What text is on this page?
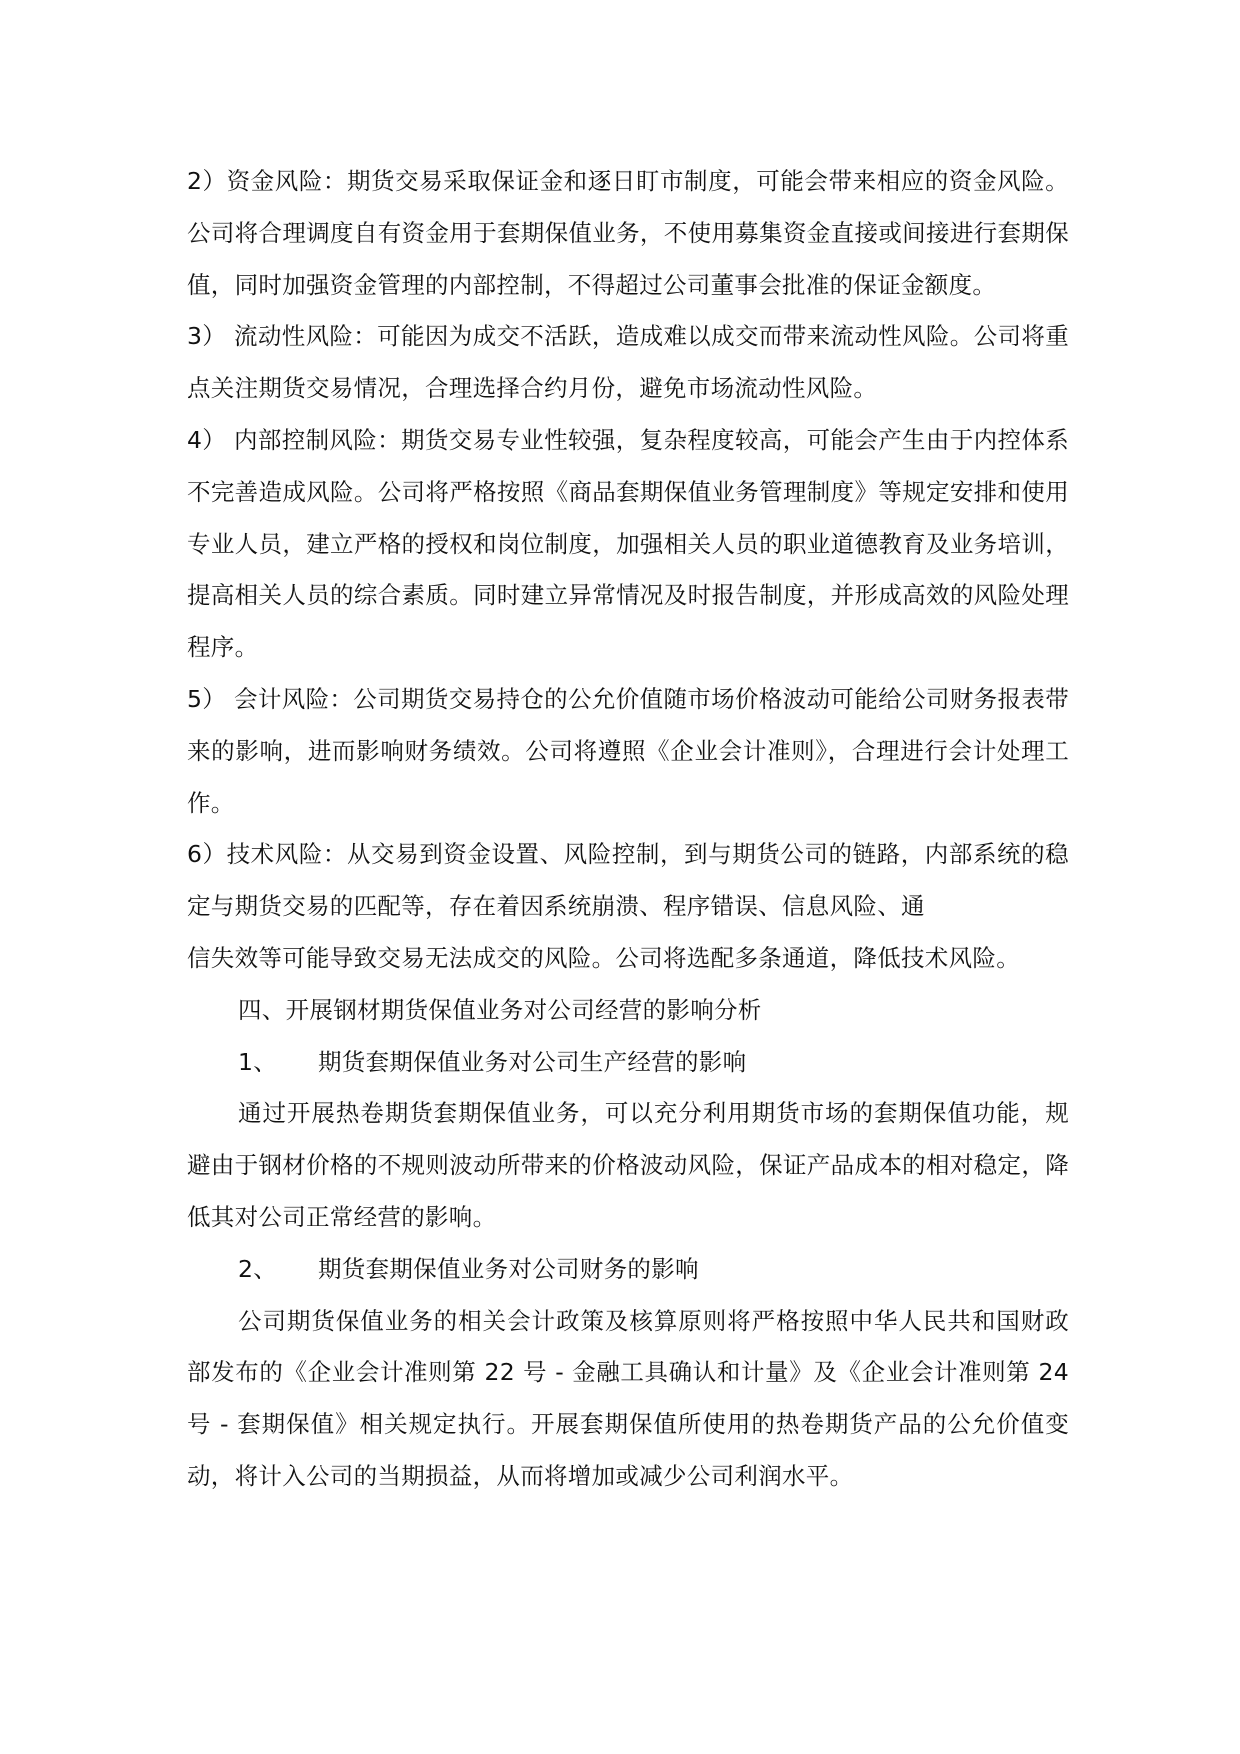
2）资金风险：期货交易采取保证金和逐日盯市制度，可能会带来相应的资金风险。公司将合理调度自有资金用于套期保值业务，不使用募集资金直接或间接进行套期保值，同时加强资金管理的内部控制，不得超过公司董事会批准的保证金额度。

3） 流动性风险：可能因为成交不活跃，造成难以成交而带来流动性风险。公司将重点关注期货交易情况，合理选择合约月份，避免市场流动性风险。

4） 内部控制风险：期货交易专业性较强，复杂程度较高，可能会产生由于内控体系不完善造成风险。公司将严格按照《商品套期保值业务管理制度》等规定安排和使用专业人员，建立严格的授权和岗位制度，加强相关人员的职业道德教育及业务培训，提高相关人员的综合素质。同时建立异常情况及时报告制度，并形成高效的风险处理程序。

5） 会计风险：公司期货交易持仓的公允价值随市场价格波动可能给公司财务报表带来的影响，进而影响财务绩效。公司将遵照《企业会计准则》，合理进行会计处理工作。

6）技术风险：从交易到资金设置、风险控制，到与期货公司的链路，内部系统的稳定与期货交易的匹配等，存在着因系统崩溃、程序错误、信息风险、通

信失效等可能导致交易无法成交的风险。公司将选配多条通道，降低技术风险。

四、开展钢材期货保值业务对公司经营的影响分析

1、 期货套期保值业务对公司生产经营的影响

通过开展热卷期货套期保值业务，可以充分利用期货市场的套期保值功能，规避由于钢材价格的不规则波动所带来的价格波动风险，保证产品成本的相对稳定，降低其对公司正常经营的影响。

2、 期货套期保值业务对公司财务的影响

公司期货保值业务的相关会计政策及核算原则将严格按照中华人民共和国财政部发布的《企业会计准则第 22 号 - 金融工具确认和计量》及《企业会计准则第 24 号 - 套期保值》相关规定执行。开展套期保值所使用的热卷期货产品的公允价值变动，将计入公司的当期损益，从而将增加或减少公司利润水平。
